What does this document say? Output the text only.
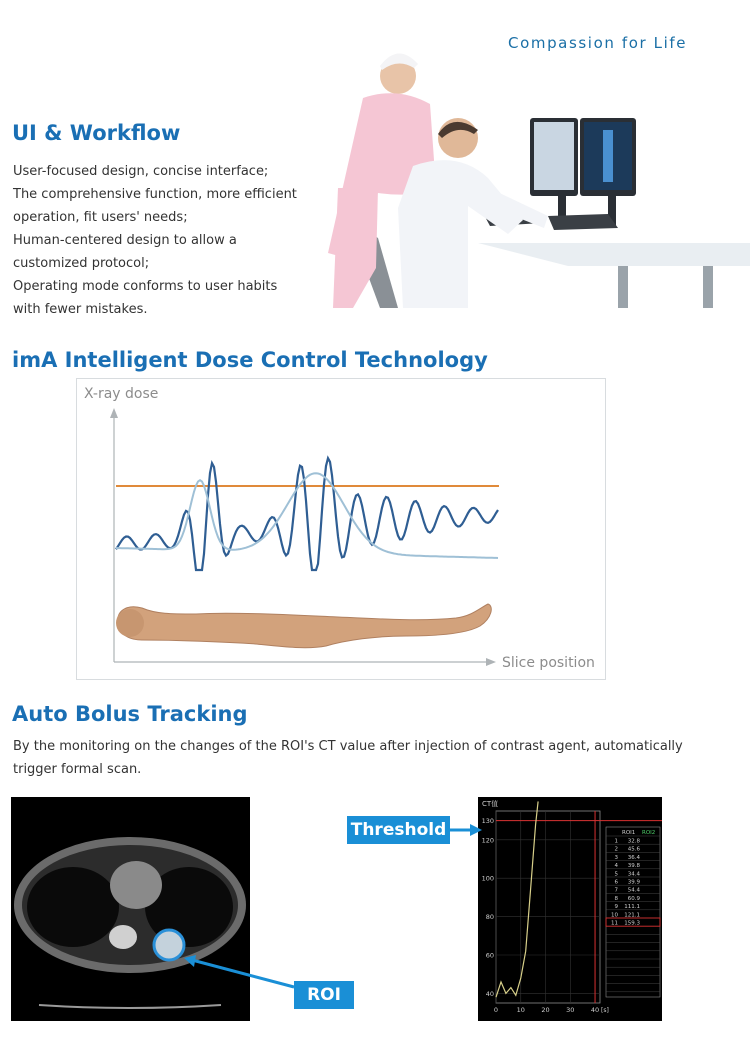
Compassion for Life
UI & Workflow
User-focused design, concise interface;
The comprehensive function, more efficient
operation, fit users' needs;
Human-centered design to allow a
customized protocol;
Operating mode conforms to user habits
with fewer mistakes.
imA Intelligent Dose Control Technology
X-ray dose
Slice position
Auto Bolus Tracking
By the monitoring on the changes of the ROI's CT value after injection of contrast agent, automatically
trigger formal scan.
CT值
130
120
100
80
60
40
0	10	20	30	40 [s]
ROI1 ROI2
1 32.8
2 45.6
3 36.4
4 39.8
5 34.4
6 39.9
7 54.4
8 60.9
9 111.1
10 121.1
11 159.3
Threshold
ROI
